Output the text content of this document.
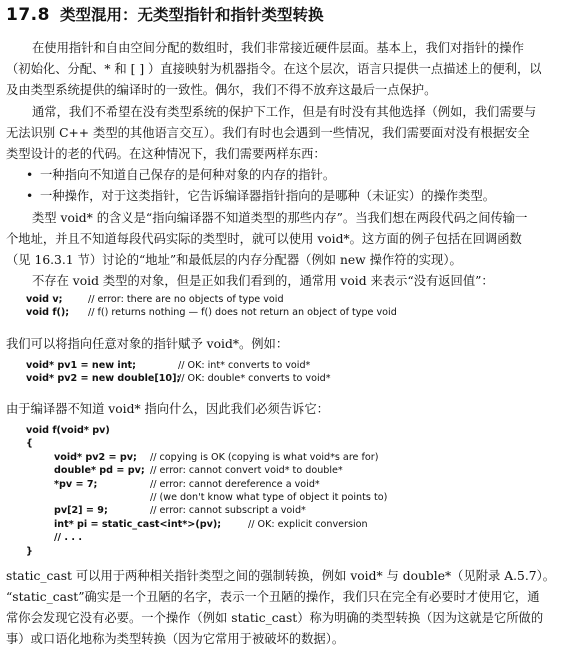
17.8 类型混用：无类型指针和指针类型转换
在使用指针和自由空间分配的数组时，我们非常接近硬件层面。基本上，我们对指针的操作
（初始化、分配、* 和 [ ] ）直接映射为机器指令。在这个层次，语言只提供一点描述上的便利，以
及由类型系统提供的编译时的一致性。偶尔，我们不得不放弃这最后一点保护。
通常，我们不希望在没有类型系统的保护下工作，但是有时没有其他选择（例如，我们需要与
无法识别 C++ 类型的其他语言交互）。我们有时也会遇到一些情况，我们需要面对没有根据安全
类型设计的老的代码。在这种情况下，我们需要两样东西：
• 一种指向不知道自己保存的是何种对象的内存的指针。
• 一种操作，对于这类指针，它告诉编译器指针指向的是哪种（未证实）的操作类型。
类型 void* 的含义是“指向编译器不知道类型的那些内存”。当我们想在两段代码之间传输一
个地址，并且不知道每段代码实际的类型时，就可以使用 void*。这方面的例子包括在回调函数
（见 16.3.1 节）讨论的“地址”和最低层的内存分配器（例如 new 操作符的实现）。
不存在 void 类型的对象，但是正如我们看到的，通常用 void 来表示“没有返回值”：
void v;	// error: there are no objects of type void
void f(); // f() returns nothing — f() does not return an object of type void
我们可以将指向任意对象的指针赋予 void*。例如：
void* pv1 = new int;	// OK: int* converts to void*
void* pv2 = new double[10];
// OK: double* converts to void*
由于编译器不知道 void* 指向什么，因此我们必须告诉它：
void f(void* pv)
{
void* pv2 = pv; // copying is OK (copying is what void*s are for)
double* pd = pv; // error: cannot convert void* to double*
*pv = 7;	// error: cannot dereference a void*
// (we don't know what type of object it points to)
pv[2] = 9;	// error: cannot subscript a void*
int* pi = static_cast<int*>(pv);	// OK: explicit conversion
// . . .
}
static_cast 可以用于两种相关指针类型之间的强制转换，例如 void* 与 double*（见附录 A.5.7）。
“static_cast”确实是一个丑陋的名字，表示一个丑陋的操作，我们只在完全有必要时才使用它，通
常你会发现它没有必要。一个操作（例如 static_cast）称为明确的类型转换（因为这就是它所做的
事）或口语化地称为类型转换（因为它常用于被破坏的数据）。
